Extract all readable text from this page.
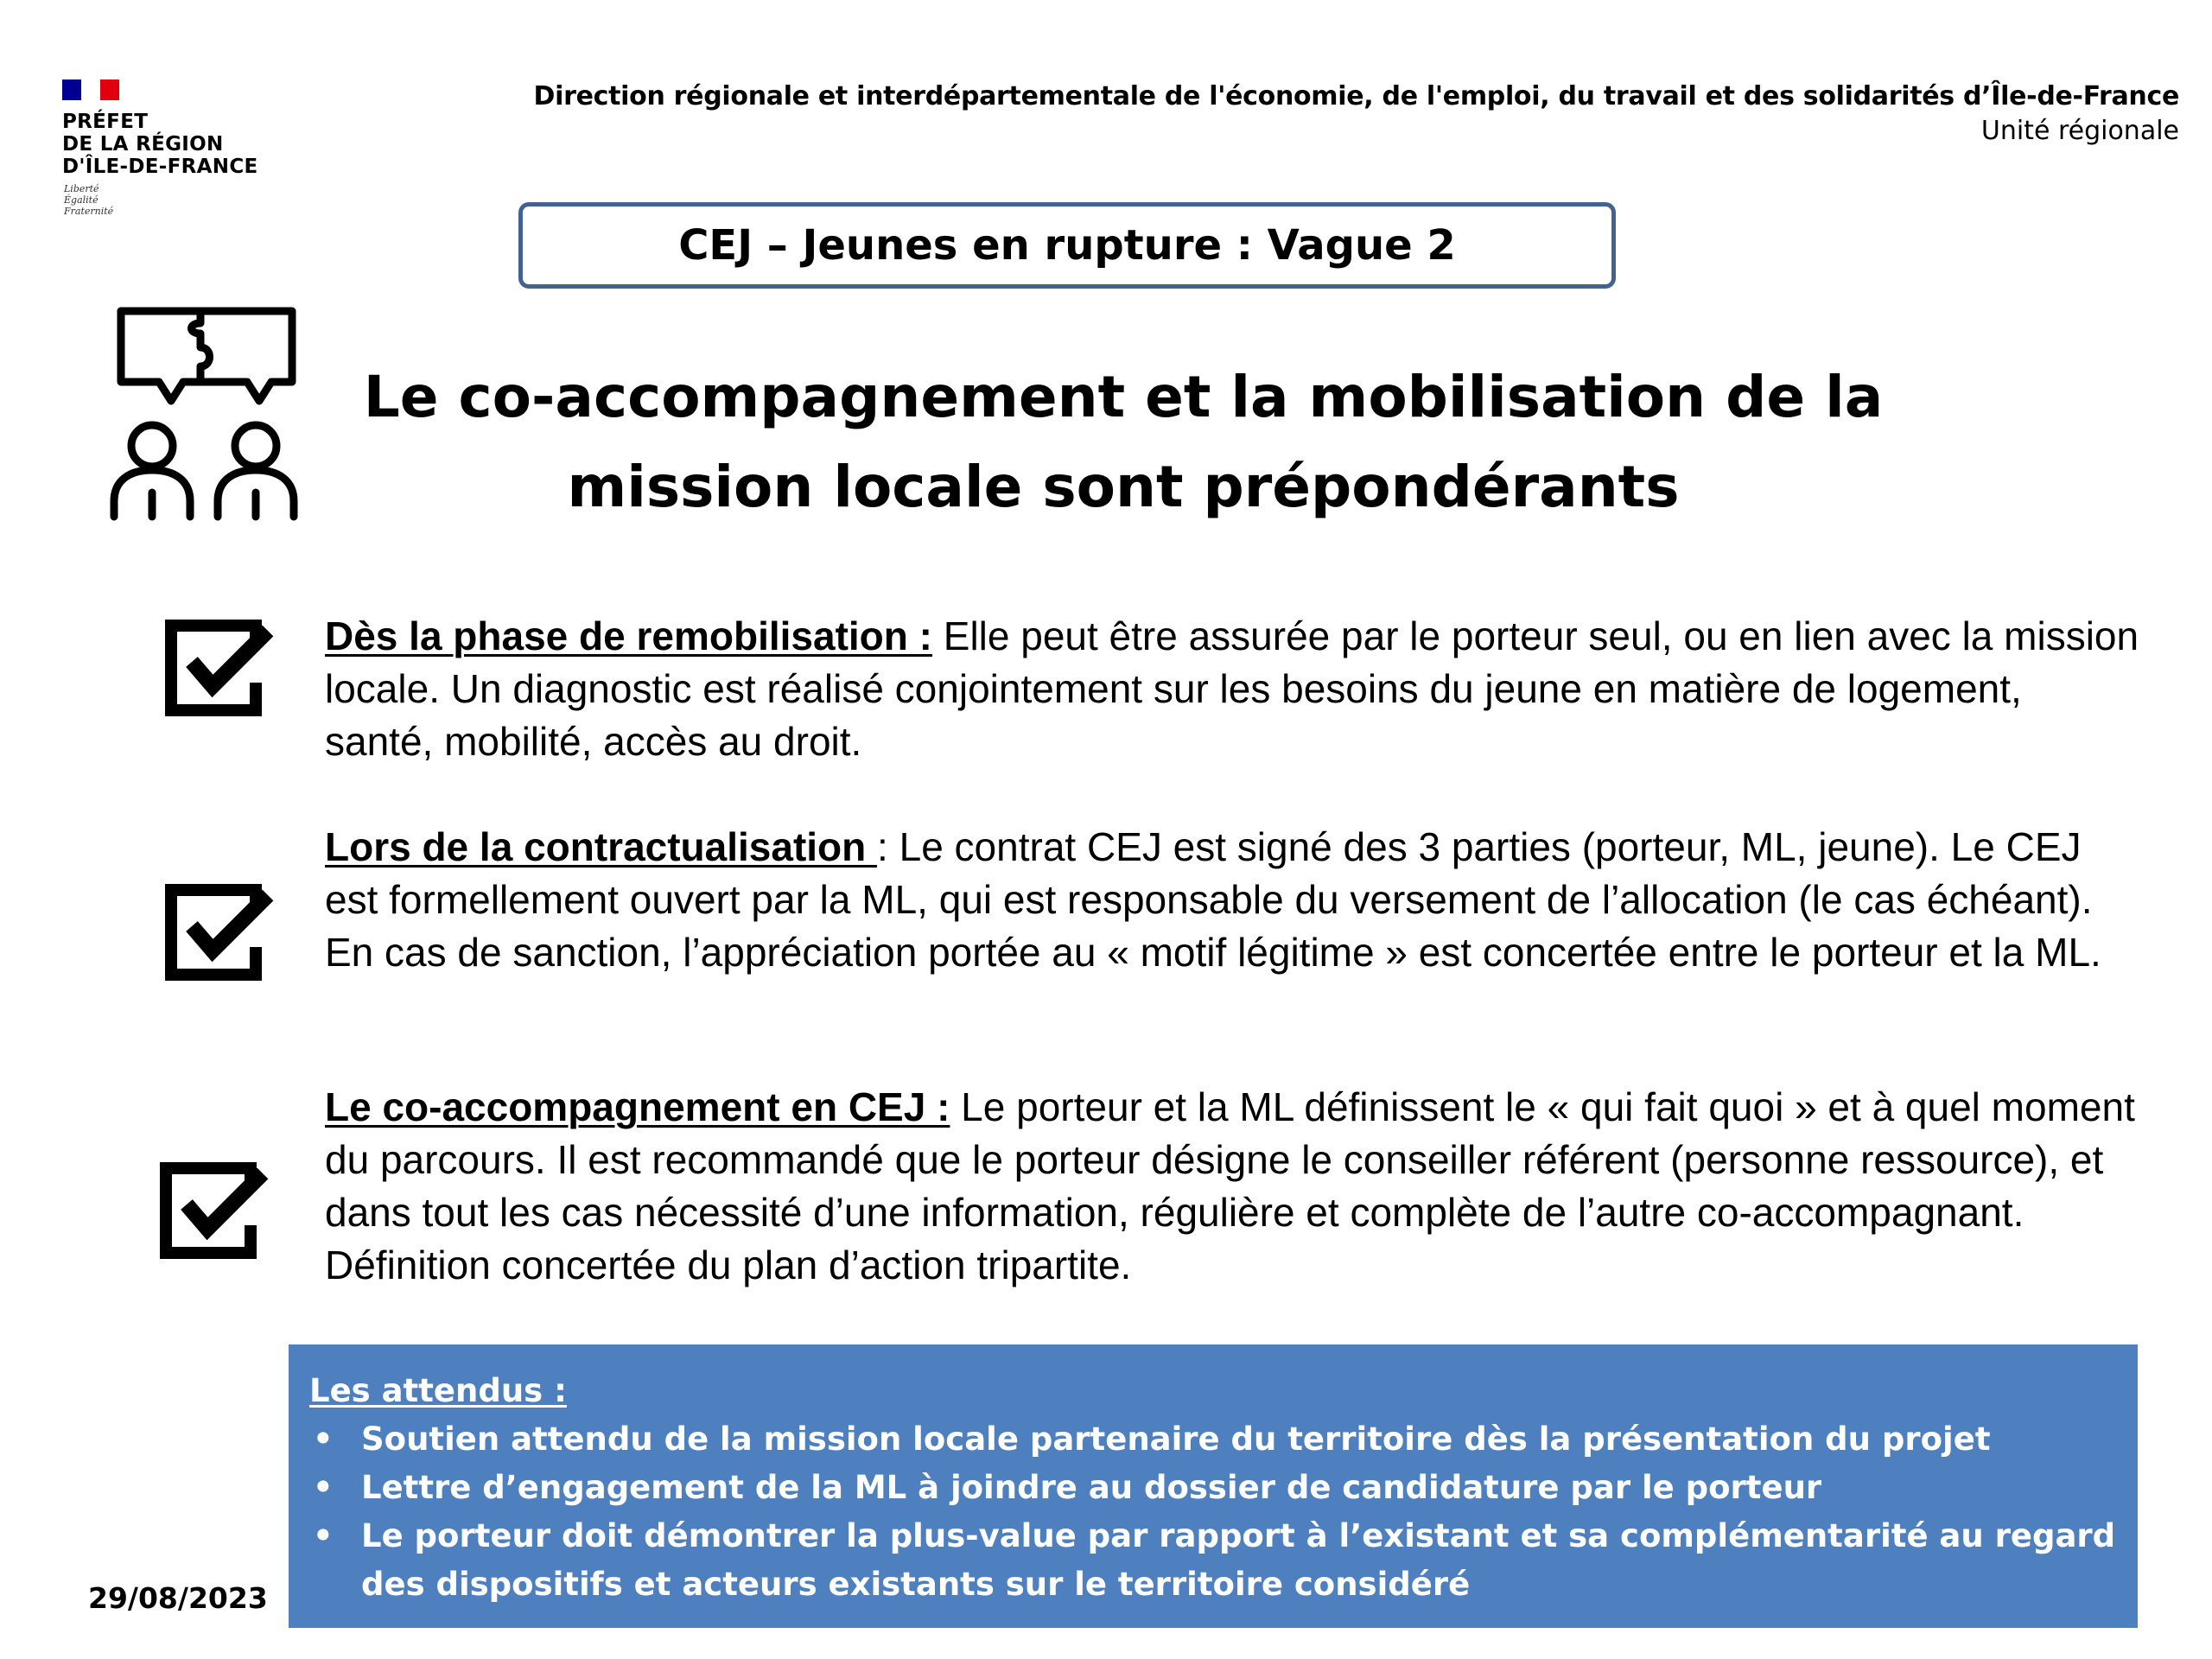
PRÉFET
DE LA RÉGION
D'ÎLE-DE-FRANCE
Liberté
Égalité
Fraternité
Direction régionale et interdépartementale de l'économie, de l'emploi, du travail et des solidarités d’Île-de-France
Unité régionale
CEJ – Jeunes en rupture : Vague 2
Le co-accompagnement et la mobilisation de la
mission locale sont prépondérants
Dès la phase de remobilisation : Elle peut être assurée par le porteur seul, ou en lien avec la mission locale. Un diagnostic est réalisé conjointement sur les besoins du jeune en matière de logement, santé, mobilité, accès au droit.
Lors de la contractualisation : Le contrat CEJ est signé des 3 parties (porteur, ML, jeune). Le CEJ est formellement ouvert par la ML, qui est responsable du versement de l’allocation (le cas échéant). En cas de sanction, l’appréciation portée au « motif légitime » est concertée entre le porteur et la ML.
Le co-accompagnement en CEJ : Le porteur et la ML définissent le « qui fait quoi » et à quel moment du parcours. Il est recommandé que le porteur désigne le conseiller référent (personne ressource), et dans tout les cas nécessité d’une information, régulière et complète de l’autre co-accompagnant. Définition concertée du plan d’action tripartite.
Les attendus :
• Soutien attendu de la mission locale partenaire du territoire dès la présentation du projet
• Lettre d’engagement de la ML à joindre au dossier de candidature par le porteur
• Le porteur doit démontrer la plus-value par rapport à l’existant et sa complémentarité au regard des dispositifs et acteurs existants sur le territoire considéré
29/08/2023
